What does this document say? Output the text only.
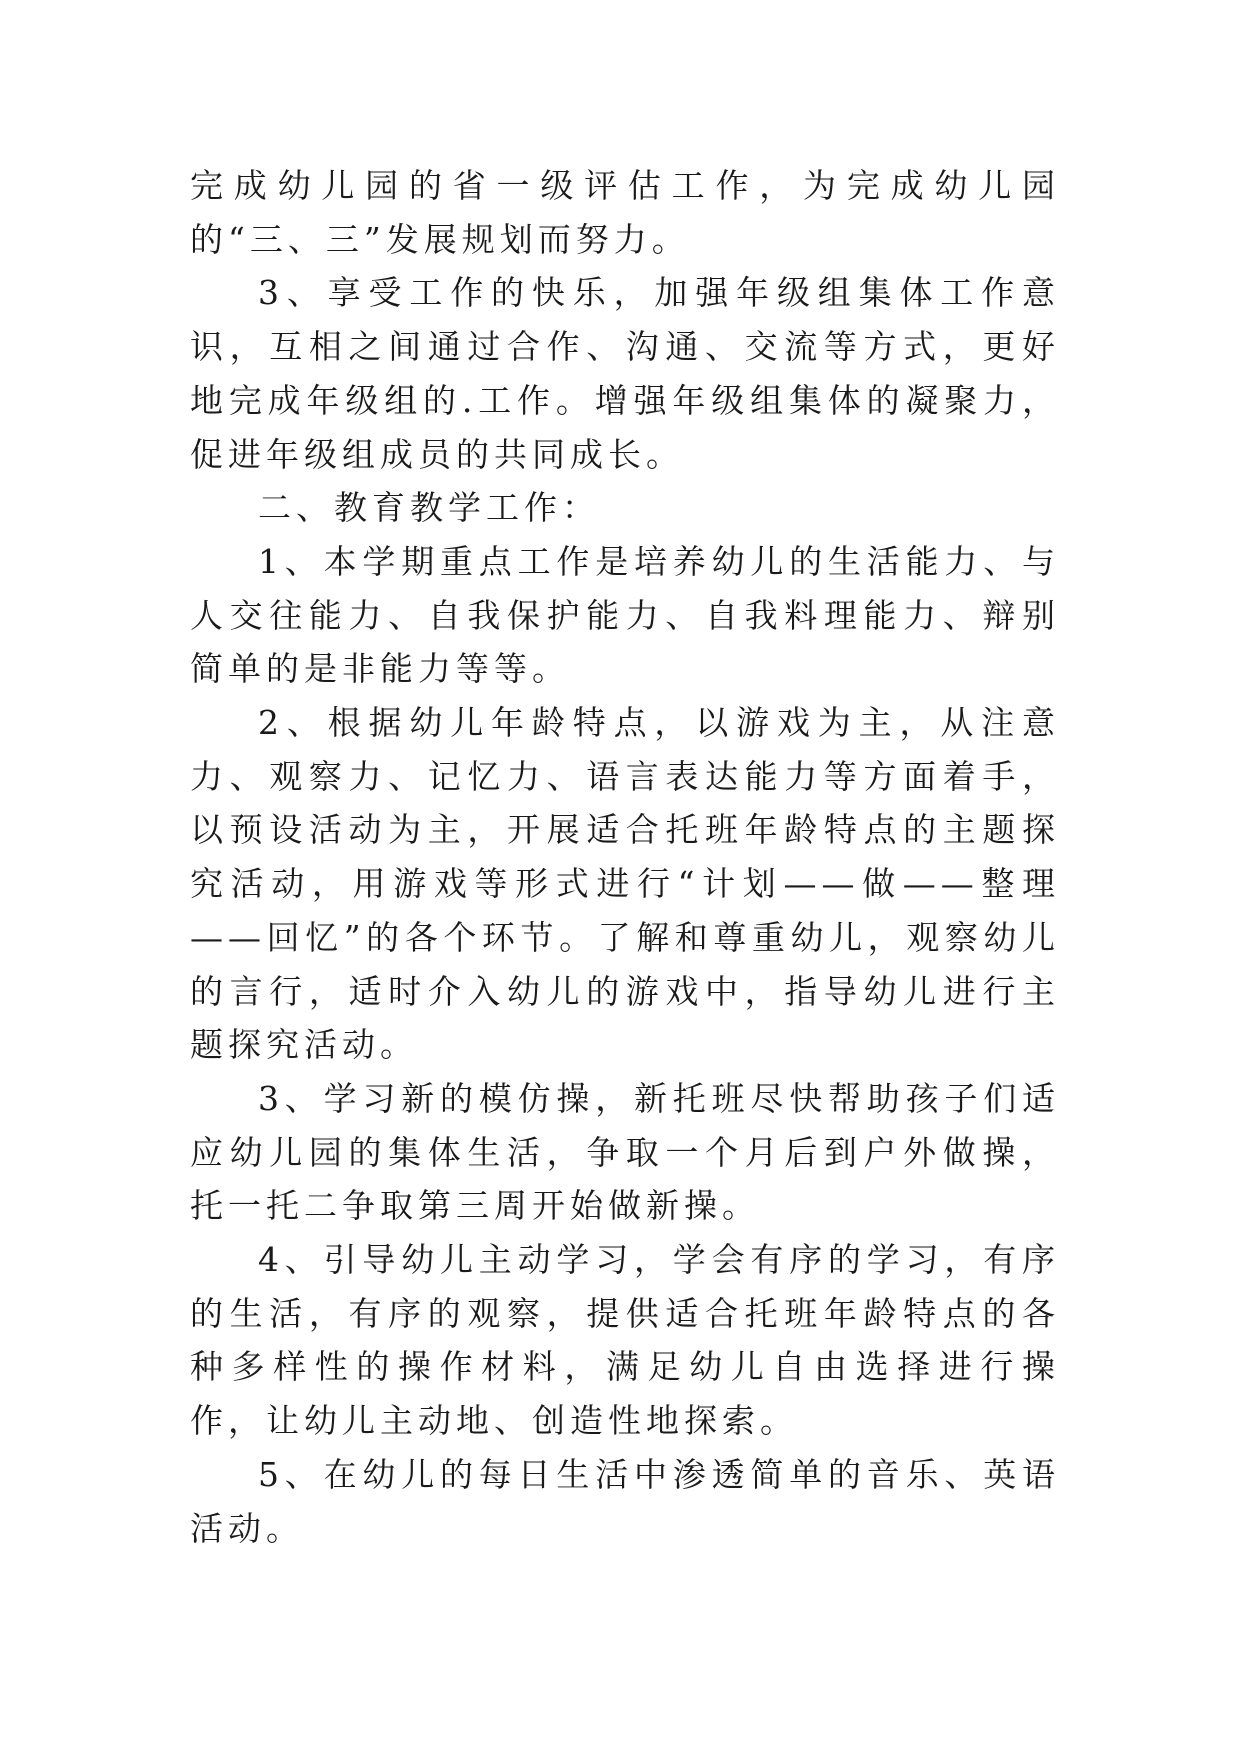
完成幼儿园的省一级评估工作，为完成幼儿园的“三、三”发展规划而努力。

3、享受工作的快乐，加强年级组集体工作意识，互相之间通过合作、沟通、交流等方式，更好地完成年级组的.工作。增强年级组集体的凝聚力，促进年级组成员的共同成长。

二、教育教学工作：

1、本学期重点工作是培养幼儿的生活能力、与人交往能力、自我保护能力、自我料理能力、辩别简单的是非能力等等。

2、根据幼儿年龄特点，以游戏为主，从注意力、观察力、记忆力、语言表达能力等方面着手，以预设活动为主，开展适合托班年龄特点的主题探究活动，用游戏等形式进行“计划——做——整理——回忆”的各个环节。了解和尊重幼儿，观察幼儿的言行，适时介入幼儿的游戏中，指导幼儿进行主题探究活动。

3、学习新的模仿操，新托班尽快帮助孩子们适应幼儿园的集体生活，争取一个月后到户外做操，托一托二争取第三周开始做新操。

4、引导幼儿主动学习，学会有序的学习，有序的生活，有序的观察，提供适合托班年龄特点的各种多样性的操作材料，满足幼儿自由选择进行操作，让幼儿主动地、创造性地探索。

5、在幼儿的每日生活中渗透简单的音乐、英语活动。
